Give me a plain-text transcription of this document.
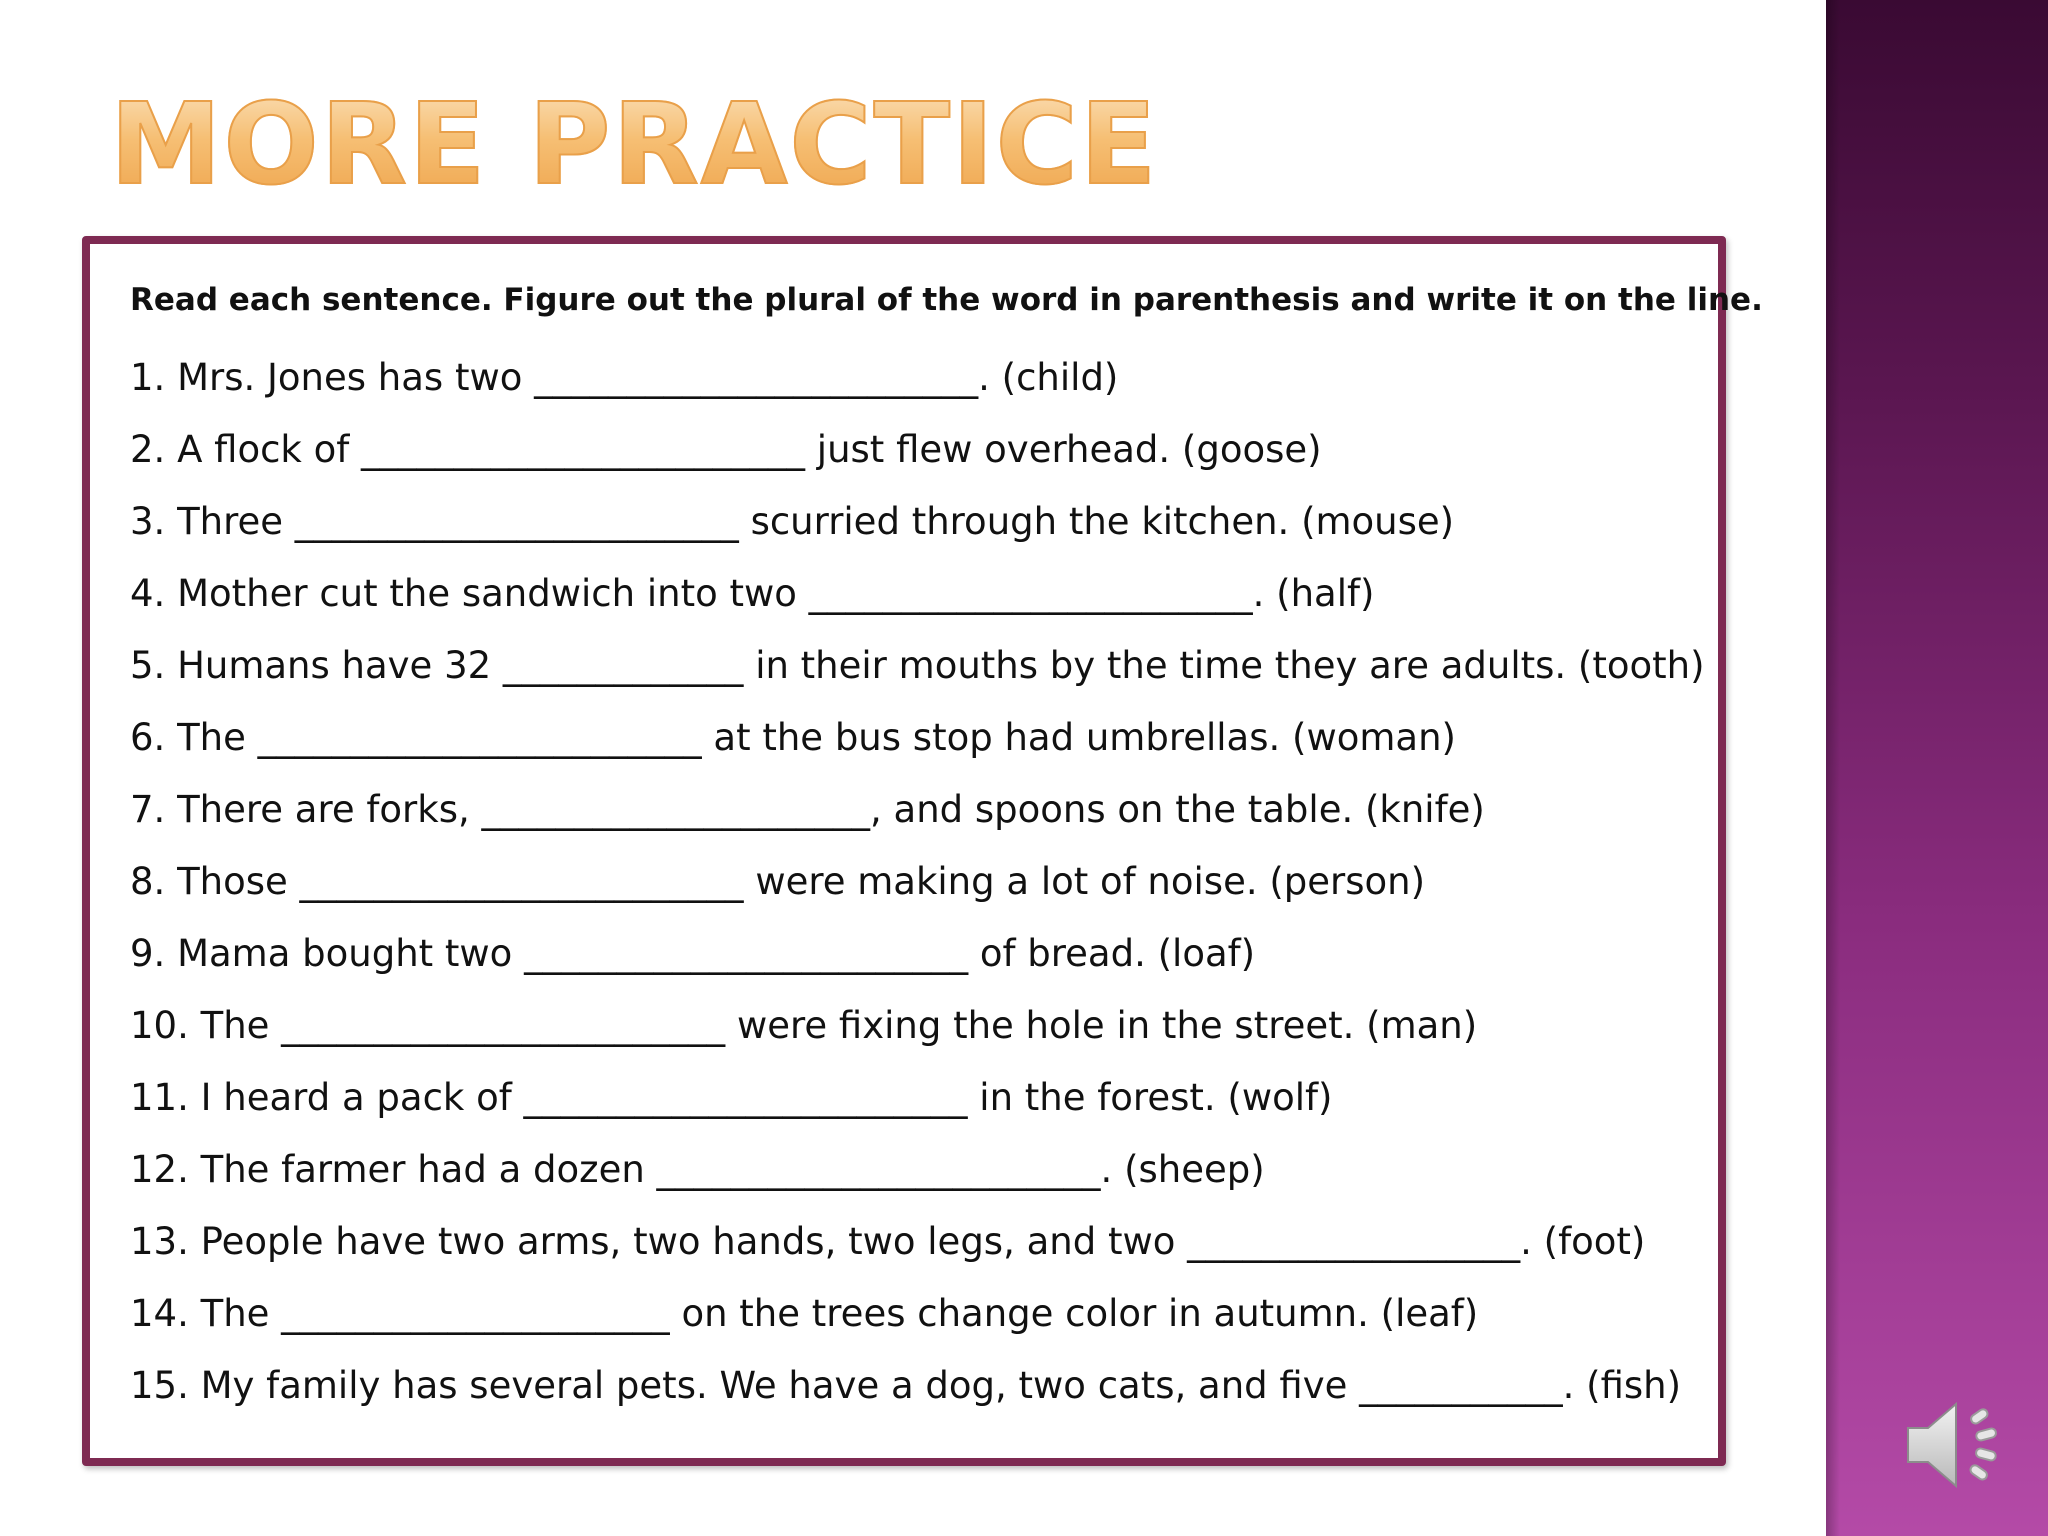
MORE PRACTICE

Read each sentence. Figure out the plural of the word in parenthesis and write it on the line.

1. Mrs. Jones has two ________________________. (child)
2. A flock of ________________________ just flew overhead. (goose)
3. Three ________________________ scurried through the kitchen. (mouse)
4. Mother cut the sandwich into two ________________________. (half)
5. Humans have 32 _____________ in their mouths by the time they are adults. (tooth)
6. The ________________________ at the bus stop had umbrellas. (woman)
7. There are forks, _____________________, and spoons on the table. (knife)
8. Those ________________________ were making a lot of noise. (person)
9. Mama bought two ________________________ of bread. (loaf)
10. The ________________________ were fixing the hole in the street. (man)
11. I heard a pack of ________________________ in the forest. (wolf)
12. The farmer had a dozen ________________________. (sheep)
13. People have two arms, two hands, two legs, and two __________________. (foot)
14. The _____________________ on the trees change color in autumn. (leaf)
15. My family has several pets. We have a dog, two cats, and five ___________. (fish)
